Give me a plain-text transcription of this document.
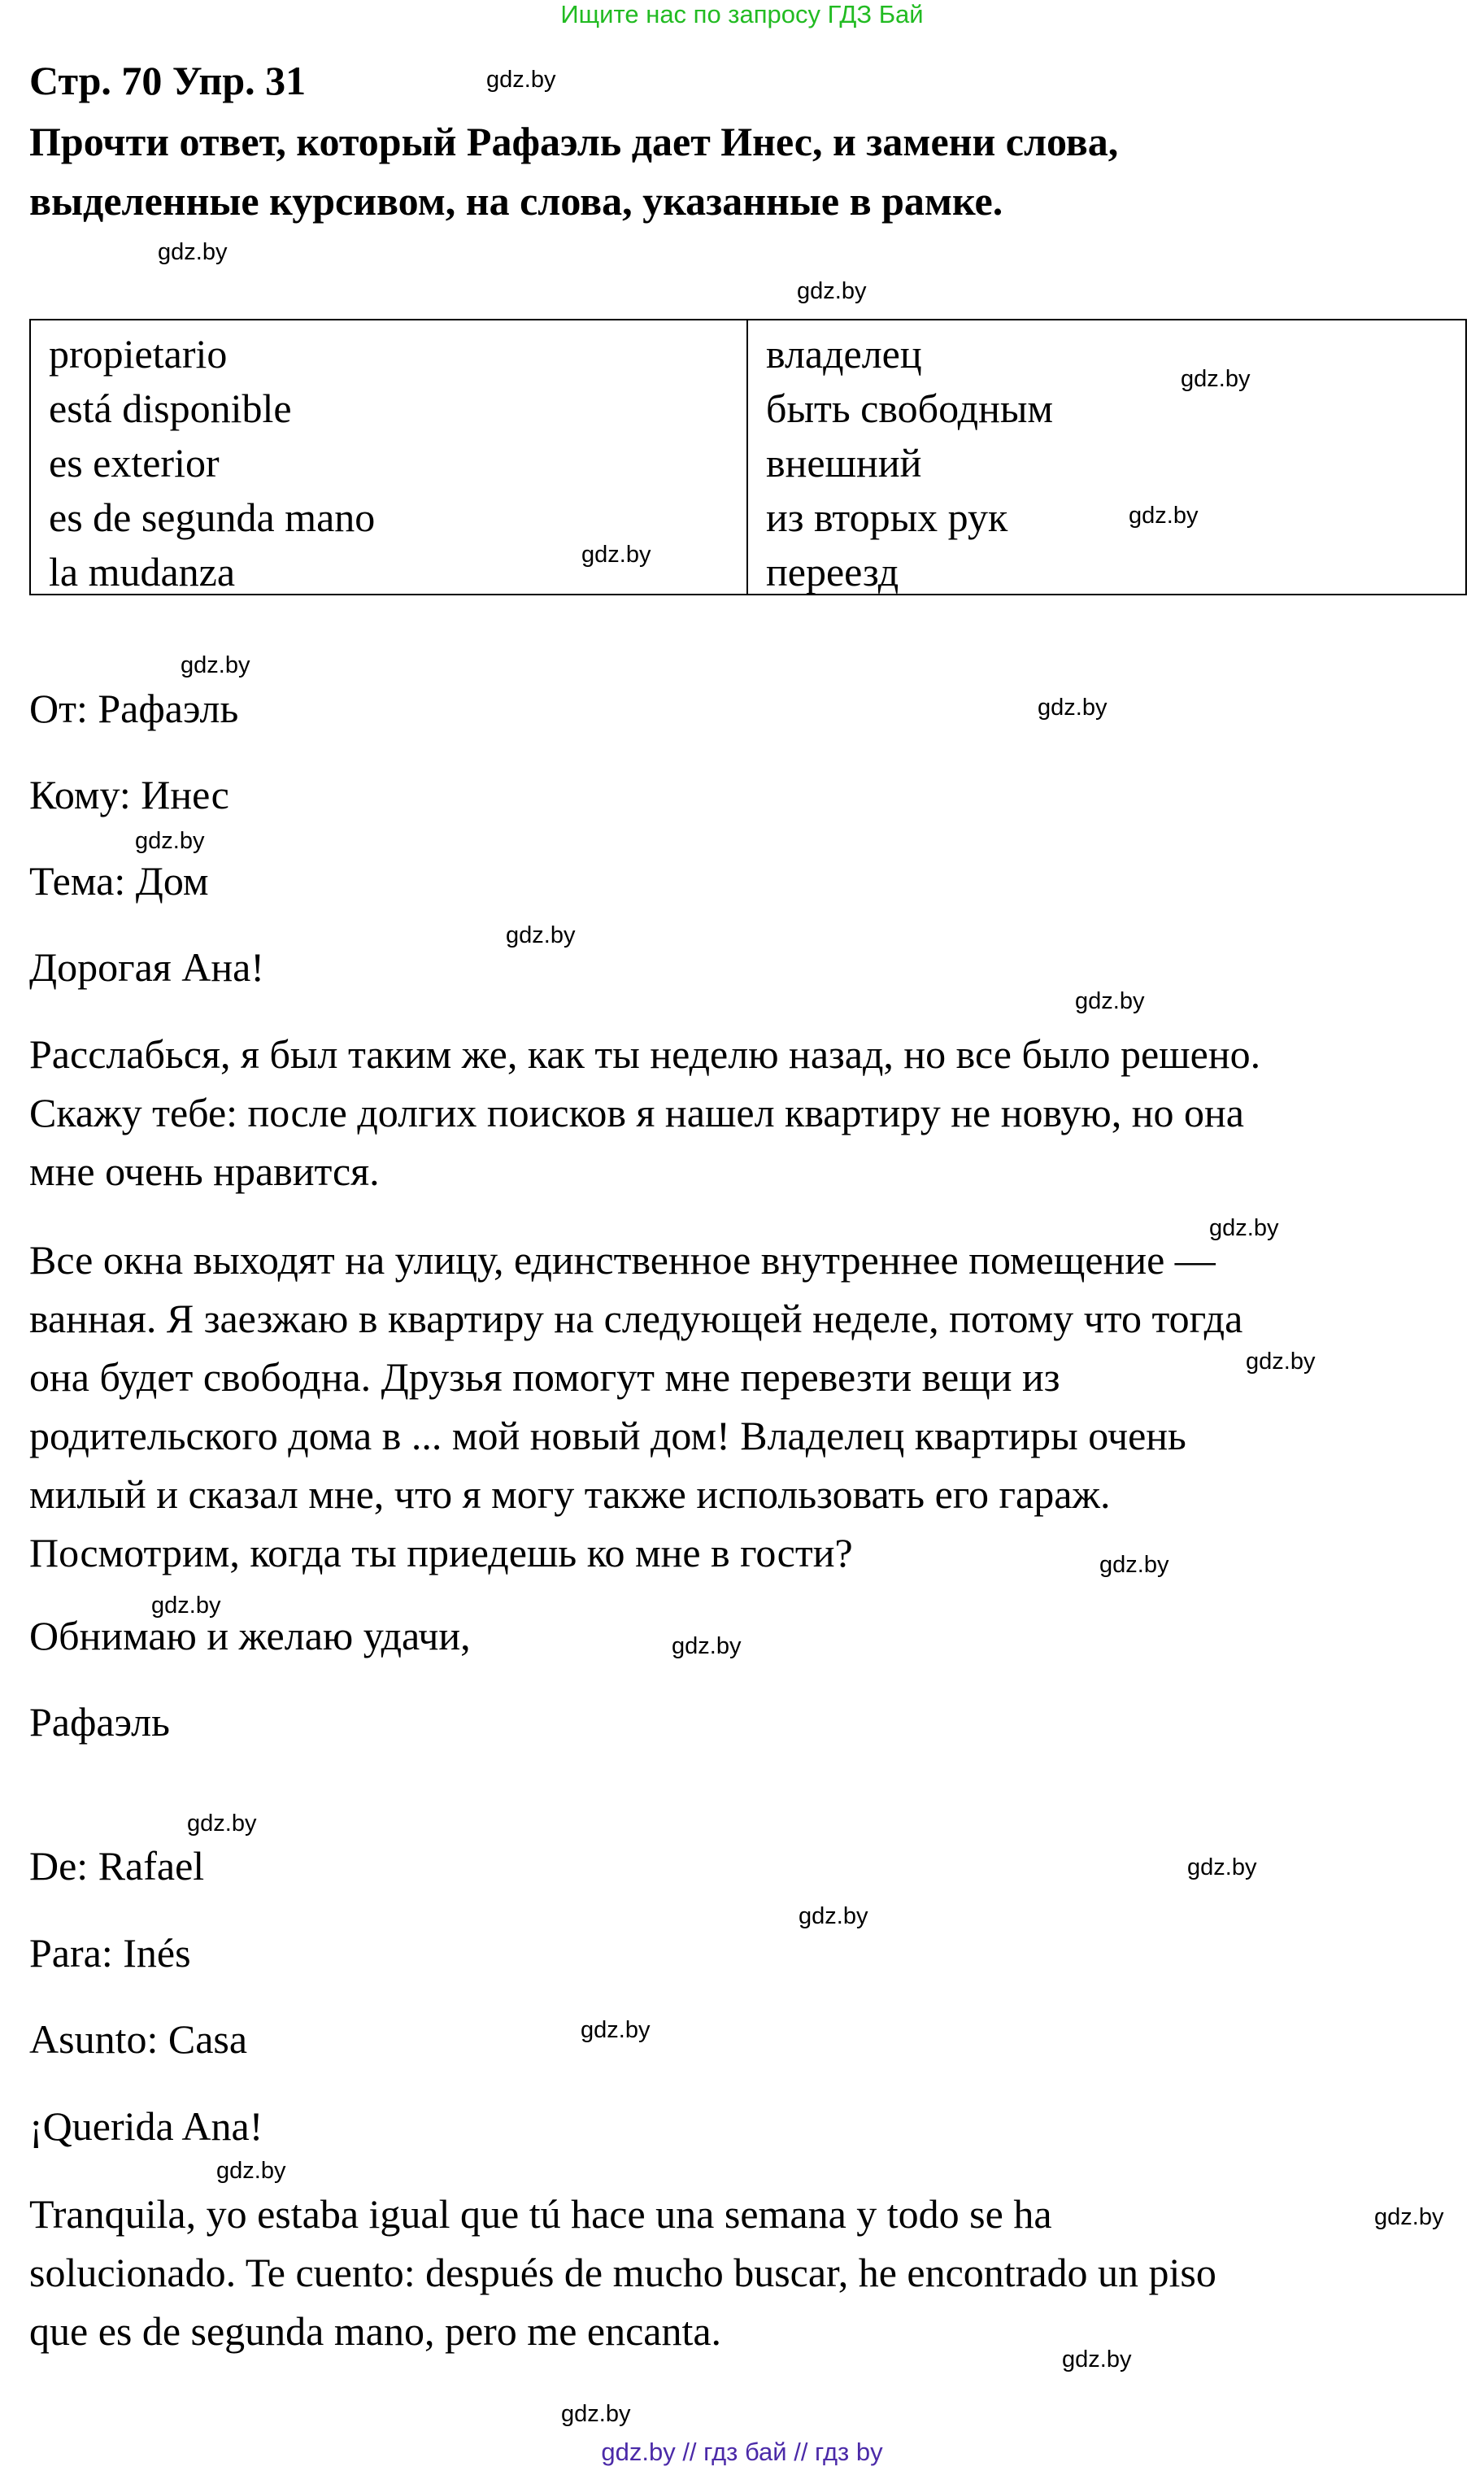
Ищите нас по запросу ГДЗ Бай
Стр. 70 Упр. 31
Прочти ответ, который Рафаэль дает Инес, и замени слова,
выделенные курсивом, на слова, указанные в рамке.
propietario
está disponible
es exterior
es de segunda mano
la mudanza
владелец
быть свободным
внешний
из вторых рук
переезд
От: Рафаэль
Кому: Инес
Тема: Дом
Дорогая Ана!
Расслабься, я был таким же, как ты неделю назад, но все было решено.
Скажу тебе: после долгих поисков я нашел квартиру не новую, но она
мне очень нравится.
Все окна выходят на улицу, единственное внутреннее помещение —
ванная. Я заезжаю в квартиру на следующей неделе, потому что тогда
она будет свободна. Друзья помогут мне перевезти вещи из
родительского дома в ... мой новый дом! Владелец квартиры очень
милый и сказал мне, что я могу также использовать его гараж.
Посмотрим, когда ты приедешь ко мне в гости?
Обнимаю и желаю удачи,
Рафаэль
De: Rafael
Para: Inés
Asunto: Casa
¡Querida Ana!
Tranquila, yo estaba igual que tú hace una semana y todo se ha
solucionado. Te cuento: después de mucho buscar, he encontrado un piso
que es de segunda mano, pero me encanta.
gdz.by
gdz.by
gdz.by
gdz.by
gdz.by
gdz.by
gdz.by
gdz.by
gdz.by
gdz.by
gdz.by
gdz.by
gdz.by
gdz.by
gdz.by
gdz.by
gdz.by
gdz.by
gdz.by
gdz.by
gdz.by
gdz.by
gdz.by
gdz.by
gdz.by // гдз бай // гдз by
